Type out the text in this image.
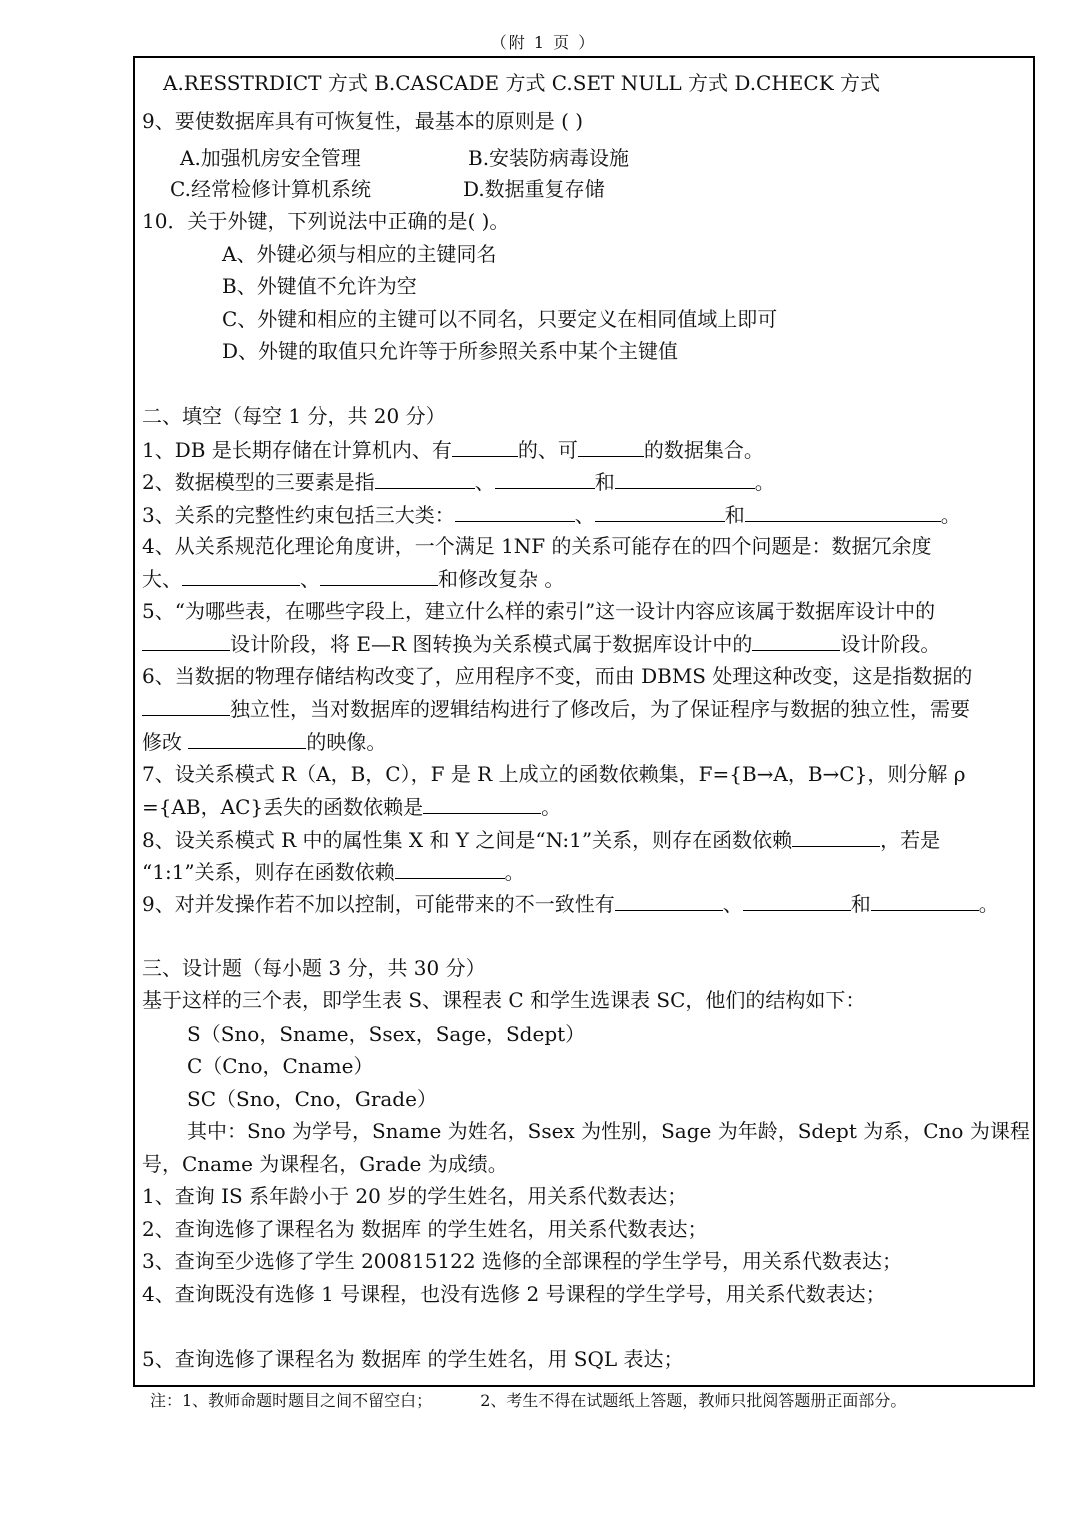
（附 1 页 ）
A.RESSTRDICT 方式 B.CASCADE 方式 C.SET NULL 方式 D.CHECK 方式
9、要使数据库具有可恢复性，最基本的原则是 ( )
A.加强机房安全管理	B.安装防病毒设施
C.经常检修计算机系统	D.数据重复存储
10．关于外键，下列说法中正确的是( )。
A、外键必须与相应的主键同名
B、外键值不允许为空
C、外键和相应的主键可以不同名，只要定义在相同值域上即可
D、外键的取值只允许等于所参照关系中某个主键值
二、填空（每空 1 分，共 20 分）
1、DB 是长期存储在计算机内、有	的、可	的数据集合。
2、数据模型的三要素是指	、	和	。
3、关系的完整性约束包括三大类：	、	和	。
4、从关系规范化理论角度讲，一个满足 1NF 的关系可能存在的四个问题是：数据冗余度
大、	、	和修改复杂 。
5、“为哪些表，在哪些字段上，建立什么样的索引”这一设计内容应该属于数据库设计中的
设计阶段，将 E—R 图转换为关系模式属于数据库设计中的	设计阶段。
6、当数据的物理存储结构改变了，应用程序不变，而由 DBMS 处理这种改变，这是指数据的
独立性，当对数据库的逻辑结构进行了修改后，为了保证程序与数据的独立性，需要
修改	的映像。
7、设关系模式 R（A，B，C），F 是 R 上成立的函数依赖集，F={B→A，B→C}，则分解 ρ
={AB，AC}丢失的函数依赖是	。
8、设关系模式 R 中的属性集 X 和 Y 之间是“N:1”关系，则存在函数依赖	，若是
“1:1”关系，则存在函数依赖	。
9、对并发操作若不加以控制，可能带来的不一致性有	、	和	。
三、设计题（每小题 3 分，共 30 分）
基于这样的三个表，即学生表 S、课程表 C 和学生选课表 SC，他们的结构如下：
S（Sno，Sname，Ssex，Sage，Sdept）
C（Cno，Cname）
SC（Sno，Cno，Grade）
其中：Sno 为学号，Sname 为姓名，Ssex 为性别，Sage 为年龄，Sdept 为系，Cno 为课程
号，Cname 为课程名，Grade 为成绩。
1、查询 IS 系年龄小于 20 岁的学生姓名，用关系代数表达；
2、查询选修了课程名为 数据库 的学生姓名，用关系代数表达；
3、查询至少选修了学生 200815122 选修的全部课程的学生学号，用关系代数表达；
4、查询既没有选修 1 号课程，也没有选修 2 号课程的学生学号，用关系代数表达；
5、查询选修了课程名为 数据库 的学生姓名，用 SQL 表达；
注：1、教师命题时题目之间不留空白；	2、考生不得在试题纸上答题，教师只批阅答题册正面部分。
